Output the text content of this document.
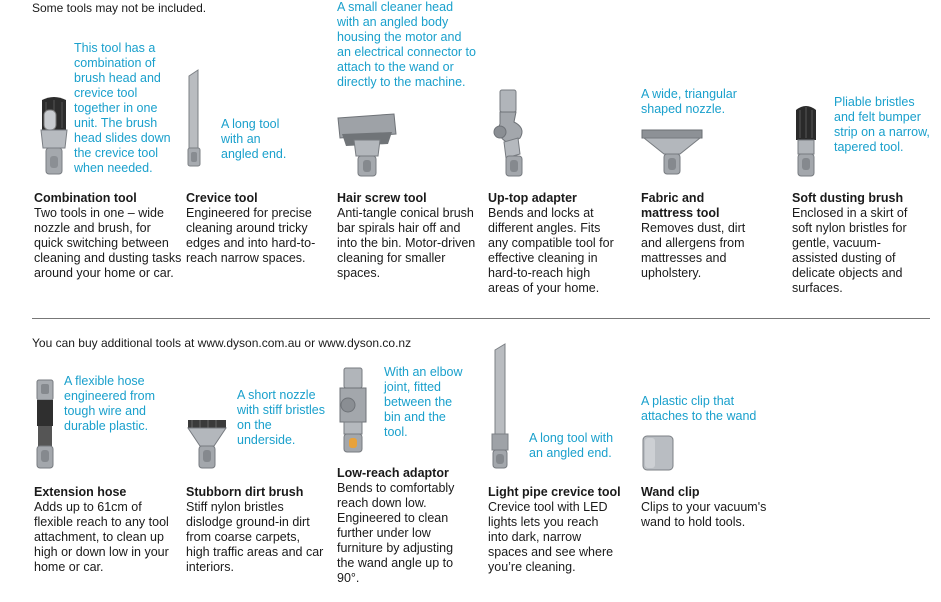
Some tools may not be included.
This tool has a combination of brush head and crevice tool together in one unit. The brush head slides down the crevice tool when needed.
Combination tool
Two tools in one – wide nozzle and brush, for quick switching between cleaning and dusting tasks around your home or car.
A long tool with an angled end.
Crevice tool
Engineered for precise cleaning around tricky edges and into hard-to-reach narrow spaces.
A small cleaner head with an angled body housing the motor and an electrical connector to attach to the wand or directly to the machine.
Hair screw tool
Anti-tangle conical brush bar spirals hair off and into the bin. Motor-driven cleaning for smaller spaces.
Up-top adapter
Bends and locks at different angles. Fits any compatible tool for effective cleaning in hard-to-reach high areas of your home.
A wide, triangular shaped nozzle.
Fabric and mattress tool
Removes dust, dirt and allergens from mattresses and upholstery.
Pliable bristles and felt bumper strip on a narrow, tapered tool.
Soft dusting brush
Enclosed in a skirt of soft nylon bristles for gentle, vacuum-assisted dusting of delicate objects and surfaces.
You can buy additional tools at www.dyson.com.au or www.dyson.co.nz
A flexible hose engineered from tough wire and durable plastic.
Extension hose
Adds up to 61cm of flexible reach to any tool attachment, to clean up high or down low in your home or car.
A short nozzle with stiff bristles on the underside.
Stubborn dirt brush
Stiff nylon bristles dislodge ground-in dirt from coarse carpets, high traffic areas and car interiors.
With an elbow joint, fitted between the bin and the tool.
Low-reach adaptor
Bends to comfortably reach down low. Engineered to clean further under low furniture by adjusting the wand angle up to 90°.
A long tool with an angled end.
Light pipe crevice tool
Crevice tool with LED lights lets you reach into dark, narrow spaces and see where you’re cleaning.
A plastic clip that attaches to the wand
Wand clip
Clips to your vacuum's wand to hold tools.
